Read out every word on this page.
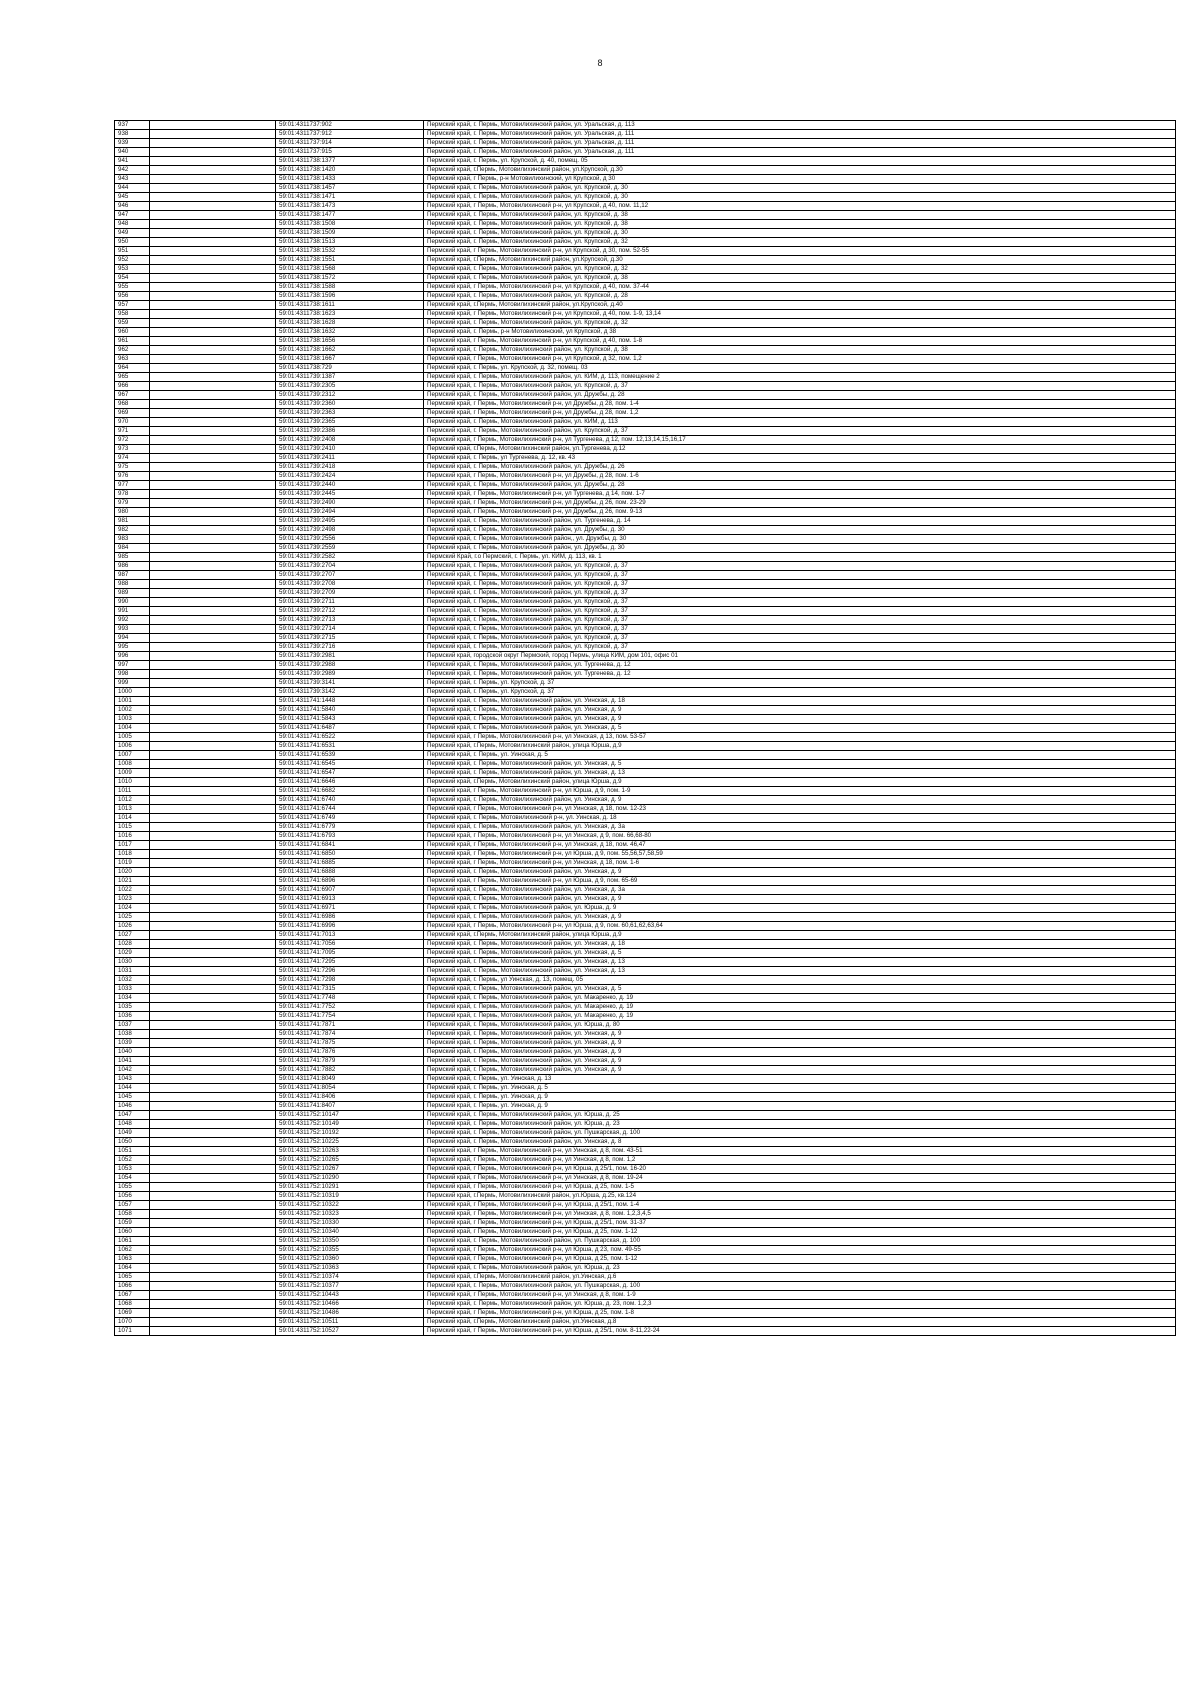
8
937		59:01:4311737:902	Пермский край, г. Пермь, Мотовилихинский район, ул. Уральская, д. 113
938		59:01:4311737:912	Пермский край, г. Пермь, Мотовилихинский район, ул. Уральская, д. 111
939		59:01:4311737:914	Пермский край, г. Пермь, Мотовилихинский район, ул. Уральская, д. 111
940		59:01:4311737:915	Пермский край, г. Пермь, Мотовилихинский район, ул. Уральская, д. 111
941		59:01:4311738:1377	Пермский край, г. Пермь, ул. Крупской, д. 40, помещ. 05
942		59:01:4311738:1420	Пермский край, г.Пермь, Мотовилихинский район, ул.Крупской, д.30
943		59:01:4311738:1433	Пермский край, г Пермь, р-н Мотовилихинский, ул Крупской, д 30
944		59:01:4311738:1457	Пермский край, г. Пермь, Мотовилихинский район, ул. Крупской, д. 30
945		59:01:4311738:1471	Пермский край, г. Пермь, Мотовилихинский район, ул. Крупской, д. 30
946		59:01:4311738:1473	Пермский край, г Пермь, Мотовилихинский р-н, ул Крупской, д 40, пом. 11,12
947		59:01:4311738:1477	Пермский край, г. Пермь, Мотовилихинский район, ул. Крупской, д. 38
948		59:01:4311738:1508	Пермский край, г. Пермь, Мотовилихинский район, ул. Крупской, д. 38
949		59:01:4311738:1509	Пермский край, г. Пермь, Мотовилихинский район, ул. Крупской, д. 30
950		59:01:4311738:1513	Пермский край, г. Пермь, Мотовилихинский район, ул. Крупской, д. 32
951		59:01:4311738:1532	Пермский край, г Пермь, Мотовилихинский р-н, ул Крупской, д 30, пом. 52-55
952		59:01:4311738:1551	Пермский край, г.Пермь, Мотовилихинский район, ул.Крупской, д.30
953		59:01:4311738:1568	Пермский край, г. Пермь, Мотовилихинский район, ул. Крупской, д. 32
954		59:01:4311738:1572	Пермский край, г. Пермь, Мотовилихинский район, ул. Крупской, д. 38
955		59:01:4311738:1588	Пермский край, г Пермь, Мотовилихинский р-н, ул Крупской, д 40, пом. 37-44
956		59:01:4311738:1596	Пермский край, г. Пермь, Мотовилихинский район, ул. Крупской, д. 28
957		59:01:4311738:1611	Пермский край, г.Пермь, Мотовилихинский район, ул.Крупской, д.40
958		59:01:4311738:1623	Пермский край, г Пермь, Мотовилихинский р-н, ул Крупской, д 40, пом. 1-9, 13,14
959		59:01:4311738:1628	Пермский край, г. Пермь, Мотовилихинский район, ул. Крупской, д. 32
960		59:01:4311738:1632	Пермский край, г. Пермь, р-н Мотовилихинский, ул Крупской, д 38
961		59:01:4311738:1656	Пермский край, г Пермь, Мотовилихинский р-н, ул Крупской, д 40, пом. 1-8
962		59:01:4311738:1662	Пермский край, г. Пермь, Мотовилихинский район, ул. Крупской, д. 38
963		59:01:4311738:1667	Пермский край, г Пермь, Мотовилихинский р-н, ул Крупской, д 32, пом. 1,2
964		59:01:4311738:729	Пермский край, г. Пермь, ул. Крупской, д. 32, помещ. 03
965		59:01:4311739:1387	Пермский край, г. Пермь, Мотовилихинский район, ул. КИМ, д. 113, помещение 2
966		59:01:4311739:2305	Пермский край, г. Пермь, Мотовилихинский район, ул. Крупской, д. 37
967		59:01:4311739:2312	Пермский край, г. Пермь, Мотовилихинский район, ул. Дружбы, д. 28
968		59:01:4311739:2360	Пермский край, г Пермь, Мотовилихинский р-н, ул Дружбы, д 28, пом. 1-4
969		59:01:4311739:2363	Пермский край, г Пермь, Мотовилихинский р-н, ул Дружбы, д 28, пом. 1,2
970		59:01:4311739:2365	Пермский край, г. Пермь, Мотовилихинский район, ул. КИМ, д. 113
971		59:01:4311739:2386	Пермский край, г. Пермь, Мотовилихинский район, ул. Крупской, д. 37
972		59:01:4311739:2408	Пермский край, г Пермь, Мотовилихинский р-н, ул Тургенева, д 12, пом. 12,13,14,15,16,17
973		59:01:4311739:2410	Пермский край, г.Пермь, Мотовилихинский район, ул.Тургенева, д.12
974		59:01:4311739:2411	Пермский край, г. Пермь, ул Тургенева, д. 12, кв. 43
975		59:01:4311739:2418	Пермский край, г. Пермь, Мотовилихинский район, ул. Дружбы, д. 26
976		59:01:4311739:2424	Пермский край, г Пермь, Мотовилихинский р-н, ул Дружбы, д 28, пом. 1-6
977		59:01:4311739:2440	Пермский край, г. Пермь, Мотовилихинский район, ул. Дружбы, д. 28
978		59:01:4311739:2445	Пермский край, г Пермь, Мотовилихинский р-н, ул Тургенева, д 14, пом. 1-7
979		59:01:4311739:2490	Пермский край, г Пермь, Мотовилихинский р-н, ул Дружбы, д 26, пом. 23-29
980		59:01:4311739:2494	Пермский край, г Пермь, Мотовилихинский р-н, ул Дружбы, д 26, пом. 9-13
981		59:01:4311739:2495	Пермский край, г. Пермь, Мотовилихинский район, ул. Тургенева, д. 14
982		59:01:4311739:2498	Пермский край, г. Пермь, Мотовилихинский район, ул. Дружбы, д. 30
983		59:01:4311739:2556	Пермский край, г. Пермь, Мотовилихинский район,, ул. Дружбы, д. 30
984		59:01:4311739:2559	Пермский край, г. Пермь, Мотовилихинский район, ул. Дружбы, д. 30
985		59:01:4311739:2582	Пермский Край, г.о Пермский, г. Пермь, ул. КИМ, д. 113, кв. 1
986		59:01:4311739:2704	Пермский край, г. Пермь, Мотовилихинский район, ул. Крупской, д. 37
987		59:01:4311739:2707	Пермский край, г. Пермь, Мотовилихинский район, ул. Крупской, д. 37
988		59:01:4311739:2708	Пермский край, г. Пермь, Мотовилихинский район, ул. Крупской, д. 37
989		59:01:4311739:2709	Пермский край, г. Пермь, Мотовилихинский район, ул. Крупской, д. 37
990		59:01:4311739:2711	Пермский край, г. Пермь, Мотовилихинский район, ул. Крупской, д. 37
991		59:01:4311739:2712	Пермский край, г. Пермь, Мотовилихинский район, ул. Крупской, д. 37
992		59:01:4311739:2713	Пермский край, г. Пермь, Мотовилихинский район, ул. Крупской, д. 37
993		59:01:4311739:2714	Пермский край, г. Пермь, Мотовилихинский район, ул. Крупской, д. 37
994		59:01:4311739:2715	Пермский край, г. Пермь, Мотовилихинский район, ул. Крупской, д. 37
995		59:01:4311739:2716	Пермский край, г. Пермь, Мотовилихинский район, ул. Крупской, д. 37
996		59:01:4311739:2981	Пермский край, городской округ Пермский, город Пермь, улица КИМ, дом 101, офис 01
997		59:01:4311739:2988	Пермский край, г. Пермь, Мотовилихинский район, ул. Тургенева, д. 12
998		59:01:4311739:2989	Пермский край, г. Пермь, Мотовилихинский район, ул. Тургенева, д. 12
999		59:01:4311739:3141	Пермский край, г. Пермь, ул. Крупской, д. 37
1000		59:01:4311739:3142	Пермский край, г. Пермь, ул. Крупской, д. 37
1001		59:01:4311741:1448	Пермский край, г. Пермь, Мотовилихинский район, ул. Уинская, д. 18
1002		59:01:4311741:5840	Пермский край, г. Пермь, Мотовилихинский район, ул. Уинская, д. 9
1003		59:01:4311741:5843	Пермский край, г. Пермь, Мотовилихинский район, ул. Уинская, д. 9
1004		59:01:4311741:6487	Пермский край, г. Пермь, Мотовилихинский район, ул. Уинская, д. 5
1005		59:01:4311741:6522	Пермский край, г Пермь, Мотовилихинский р-н, ул Уинская, д 13, пом. 53-57
1006		59:01:4311741:6531	Пермский край, г.Пермь, Мотовилихинский район, улица Юрша, д.9
1007		59:01:4311741:6539	Пермский край, г. Пермь, ул. Уинская, д. 5
1008		59:01:4311741:6545	Пермский край, г. Пермь, Мотовилихинский район, ул. Уинская, д. 5
1009		59:01:4311741:6547	Пермский край, г. Пермь, Мотовилихинский район, ул. Уинская, д. 13
1010		59:01:4311741:6646	Пермский край, г.Пермь, Мотовилихинский район, улица Юрша, д.9
1011		59:01:4311741:6682	Пермский край, г Пермь, Мотовилихинский р-н, ул Юрша, д 9, пом. 1-9
1012		59:01:4311741:6740	Пермский край, г. Пермь, Мотовилихинский район, ул. Уинская, д. 9
1013		59:01:4311741:6744	Пермский край, г Пермь, Мотовилихинский р-н, ул Уинская, д 18, пом. 12-23
1014		59:01:4311741:6749	Пермский край, г. Пермь, Мотовилихинский р-н, ул. Уинская, д. 18
1015		59:01:4311741:6779	Пермский край, г. Пермь, Мотовилихинский район, ул. Уинская, д. 3а
1016		59:01:4311741:6793	Пермский край, г Пермь, Мотовилихинский р-н, ул Уинская, д 9, пом. 66,68-80
1017		59:01:4311741:6841	Пермский край, г Пермь, Мотовилихинский р-н, ул Уинская, д 18, пом. 46,47
1018		59:01:4311741:6850	Пермский край, г Пермь, Мотовилихинский р-н, ул Юрша, д 9, пом. 55,56,57,58,59
1019		59:01:4311741:6885	Пермский край, г Пермь, Мотовилихинский р-н, ул Уинская, д 18, пом. 1-6
1020		59:01:4311741:6888	Пермский край, г. Пермь, Мотовилихинский район, ул. Уинская, д. 9
1021		59:01:4311741:6896	Пермский край, г Пермь, Мотовилихинский р-н, ул Юрша, д 9, пом. 65-69
1022		59:01:4311741:6907	Пермский край, г. Пермь, Мотовилихинский район, ул. Уинская, д. 3а
1023		59:01:4311741:6913	Пермский край, г. Пермь, Мотовилихинский район, ул. Уинская, д. 9
1024		59:01:4311741:6971	Пермский край, г. Пермь, Мотовилихинский район, ул. Юрша, д. 9
1025		59:01:4311741:6986	Пермский край, г. Пермь, Мотовилихинский район, ул. Уинская, д. 9
1026		59:01:4311741:6996	Пермский край, г Пермь, Мотовилихинский р-н, ул Юрша, д 9, пом. 60,61,62,63,64
1027		59:01:4311741:7013	Пермский край, г.Пермь, Мотовилихинский район, улица Юрша, д.9
1028		59:01:4311741:7056	Пермский край, г. Пермь, Мотовилихинский район, ул. Уинская, д. 18
1029		59:01:4311741:7095	Пермский край, г. Пермь, Мотовилихинский район, ул. Уинская, д. 5
1030		59:01:4311741:7295	Пермский край, г. Пермь, Мотовилихинский район, ул. Уинская, д. 13
1031		59:01:4311741:7296	Пермский край, г. Пермь, Мотовилихинский район, ул. Уинская, д. 13
1032		59:01:4311741:7298	Пермский край, г. Пермь, ул Уинская, д. 13, помещ. 05
1033		59:01:4311741:7315	Пермский край, г. Пермь, Мотовилихинский район, ул. Уинская, д. 5
1034		59:01:4311741:7748	Пермский край, г. Пермь, Мотовилихинский район, ул. Макаренко, д. 19
1035		59:01:4311741:7752	Пермский край, г. Пермь, Мотовилихинский район, ул. Макаренко, д. 19
1036		59:01:4311741:7754	Пермский край, г. Пермь, Мотовилихинский район, ул. Макаренко, д. 19
1037		59:01:4311741:7871	Пермский край, г. Пермь, Мотовилихинский район, ул. Юрша, д. 80
1038		59:01:4311741:7874	Пермский край, г. Пермь, Мотовилихинский район, ул. Уинская, д. 9
1039		59:01:4311741:7875	Пермский край, г. Пермь, Мотовилихинский район, ул. Уинская, д. 9
1040		59:01:4311741:7876	Пермский край, г. Пермь, Мотовилихинский район, ул. Уинская, д. 9
1041		59:01:4311741:7879	Пермский край, г. Пермь, Мотовилихинский район, ул. Уинская, д. 9
1042		59:01:4311741:7882	Пермский край, г. Пермь, Мотовилихинский район, ул. Уинская, д. 9
1043		59:01:4311741:8049	Пермский край, г. Пермь, ул. Уинская, д. 13
1044		59:01:4311741:8054	Пермский край, г. Пермь, ул. Уинская, д. 5
1045		59:01:4311741:8406	Пермский край, г. Пермь, ул. Уинская, д. 9
1046		59:01:4311741:8407	Пермский край, г. Пермь, ул. Уинская, д. 9
1047		59:01:4311752:10147	Пермский край, г. Пермь, Мотовилихинский район, ул. Юрша, д. 25
1048		59:01:4311752:10149	Пермский край, г. Пермь, Мотовилихинский район, ул. Юрша, д. 23
1049		59:01:4311752:10192	Пермский край, г. Пермь, Мотовилихинский район, ул. Пушкарская, д. 100
1050		59:01:4311752:10225	Пермский край, г. Пермь, Мотовилихинский район, ул. Уинская, д. 8
1051		59:01:4311752:10263	Пермский край, г Пермь, Мотовилихинский р-н, ул Уинская, д 8, пом. 43-51
1052		59:01:4311752:10265	Пермский край, г Пермь, Мотовилихинский р-н, ул Уинская, д 8, пом. 1,2
1053		59:01:4311752:10267	Пермский край, г Пермь, Мотовилихинский р-н, ул Юрша, д 25/1, пом. 16-20
1054		59:01:4311752:10290	Пермский край, г Пермь, Мотовилихинский р-н, ул Уинская, д 8, пом. 19-24
1055		59:01:4311752:10291	Пермский край, г Пермь, Мотовилихинский р-н, ул Юрша, д 25, пом. 1-5
1056		59:01:4311752:10319	Пермский край, г.Пермь, Мотовилихинский район, ул.Юрша, д.25, кв.124
1057		59:01:4311752:10322	Пермский край, г Пермь, Мотовилихинский р-н, ул Юрша, д 25/1, пом. 1-4
1058		59:01:4311752:10323	Пермский край, г Пермь, Мотовилихинский р-н, ул Уинская, д 8, пом. 1,2,3,4,5
1059		59:01:4311752:10330	Пермский край, г Пермь, Мотовилихинский р-н, ул Юрша, д 25/1, пом. 31-37
1060		59:01:4311752:10340	Пермский край, г Пермь, Мотовилихинский р-н, ул Юрша, д 25, пом. 1-12
1061		59:01:4311752:10350	Пермский край, г. Пермь, Мотовилихинский район, ул. Пушкарская, д. 100
1062		59:01:4311752:10355	Пермский край, г Пермь, Мотовилихинский р-н, ул Юрша, д 23, пом. 49-55
1063		59:01:4311752:10360	Пермский край, г Пермь, Мотовилихинский р-н, ул Юрша, д 25, пом. 1-12
1064		59:01:4311752:10363	Пермский край, г. Пермь, Мотовилихинский район, ул. Юрша, д. 23
1065		59:01:4311752:10374	Пермский край, г.Пермь, Мотовилихинский район, ул.Уинская, д.6
1066		59:01:4311752:10377	Пермский край, г. Пермь, Мотовилихинский район, ул. Пушкарская, д. 100
1067		59:01:4311752:10443	Пермский край, г Пермь, Мотовилихинский р-н, ул Уинская, д 8, пом. 1-9
1068		59:01:4311752:10466	Пермский край, г. Пермь, Мотовилихинский район, ул. Юрша, д. 23, пом. 1,2,3
1069		59:01:4311752:10486	Пермский край, г Пермь, Мотовилихинский р-н, ул Юрша, д 25, пом. 1-8
1070		59:01:4311752:10511	Пермский край, г.Пермь, Мотовилихинский район, ул.Уинская, д.8
1071		59:01:4311752:10527	Пермский край, г Пермь, Мотовилихинский р-н, ул Юрша, д 25/1, пом. 8-11,22-24
